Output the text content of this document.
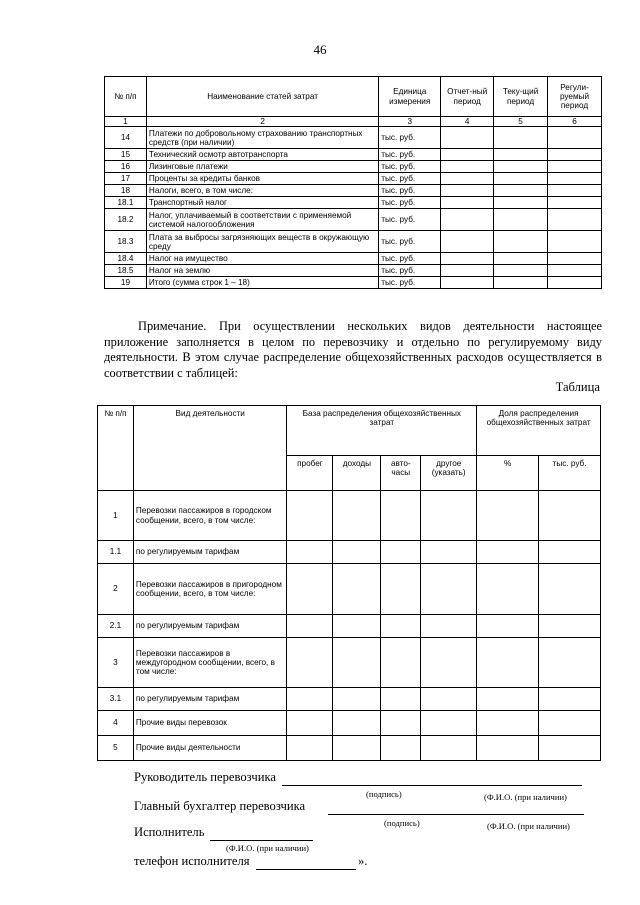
46
№ п/п	Наименование статей затрат	Единица измерения	Отчет-ный период	Теку-щий период	Регули-руемый период
1	2	3	4	5	6
14	Платежи по добровольному страхованию транспортных средств (при наличии)	тыс. руб.			
15	Технический осмотр автотранспорта	тыс. руб.			
16	Лизинговые платежи	тыс. руб.			
17	Проценты за кредиты банков	тыс. руб.			
18	Налоги, всего, в том числе:	тыс. руб.			
18.1	Транспортный налог	тыс. руб.			
18.2	Налог, уплачиваемый в соответствии с применяемой системой налогообложения	тыс. руб.			
18.3	Плата за выбросы загрязняющих веществ в окружающую среду	тыс. руб.			
18.4	Налог на имущество	тыс. руб.			
18.5	Налог на землю	тыс. руб.			
19	Итого (сумма строк 1 – 18)	тыс. руб.			
Примечание. При осуществлении нескольких видов деятельности настоящее приложение заполняется в целом по перевозчику и отдельно по регулируемому виду деятельности. В этом случае распределение общехозяйственных расходов осуществляется в соответствии с таблицей:
Таблица
№ п/п	Вид деятельности	База распределения общехозяйственных затрат				Доля распределения общехозяйственных затрат	
		пробег	доходы	авто-часы	другое (указать)	%	тыс. руб.
1	Перевозки пассажиров в городском сообщении, всего, в том числе:						
1.1	по регулируемым тарифам						
2	Перевозки пассажиров в пригородном сообщении, всего, в том числе:						
2.1	по регулируемым тарифам						
3	Перевозки пассажиров в междугородном сообщении, всего, в том числе:						
3.1	по регулируемым тарифам						
4	Прочие виды перевозок						
5	Прочие виды деятельности						
Руководитель перевозчика
(подпись)	(Ф.И.О. (при наличии)
Главный бухгалтер перевозчика
(подпись)	(Ф.И.О. (при наличии)
Исполнитель
(Ф.И.О. (при наличии)
телефон исполнителя	».
